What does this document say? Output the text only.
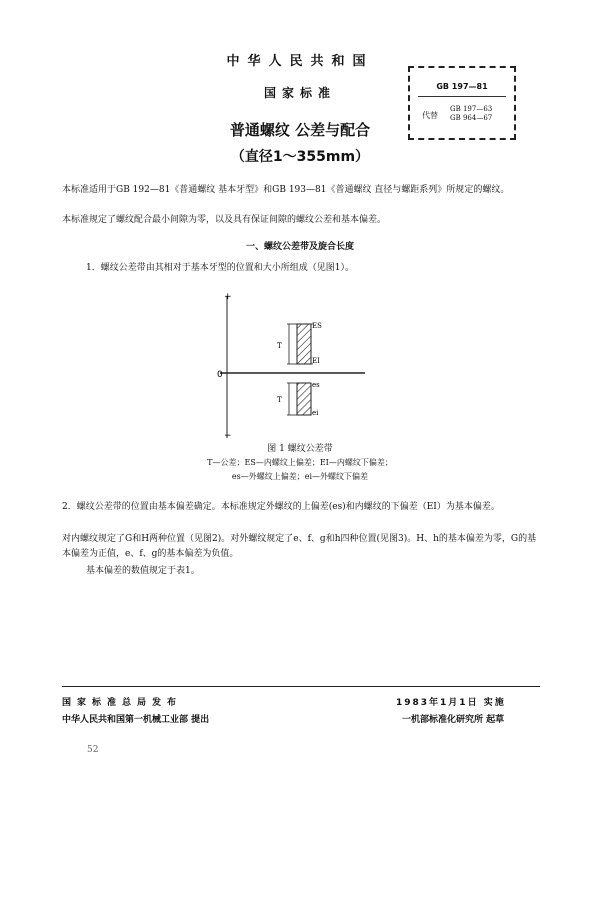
中华人民共和国
国家标准
普通螺纹 公差与配合
（直径1～355mm）
GB 197—81
代替
GB 197—63
GB 964—67
本标准适用于GB 192—81《普通螺纹 基本牙型》和GB 193—81《普通螺纹 直径与螺距系列》所规定的螺纹。
本标准规定了螺纹配合最小间隙为零，以及具有保证间隙的螺纹公差和基本偏差。
一、螺纹公差带及旋合长度
1．螺纹公差带由其相对于基本牙型的位置和大小所组成（见图1）。
+
0
−
T
ES
EI
T
es
ei
图 1 螺纹公差带
T—公差；ES—内螺纹上偏差；EI—内螺纹下偏差；
es—外螺纹上偏差；ei—外螺纹下偏差
2．螺纹公差带的位置由基本偏差确定。本标准规定外螺纹的上偏差(es)和内螺纹的下偏差（EI）为基本偏差。
对内螺纹规定了G和H两种位置（见图2)。对外螺纹规定了e、f、g和h四种位置(见图3)。H、h的基本偏差为零，G的基本偏差为正值，e、f、g的基本偏差为负值。
基本偏差的数值规定于表1。
国家标准总局发布
中华人民共和国第一机械工业部 提出
1983年1月1日 实施
一机部标准化研究所 起草
52
